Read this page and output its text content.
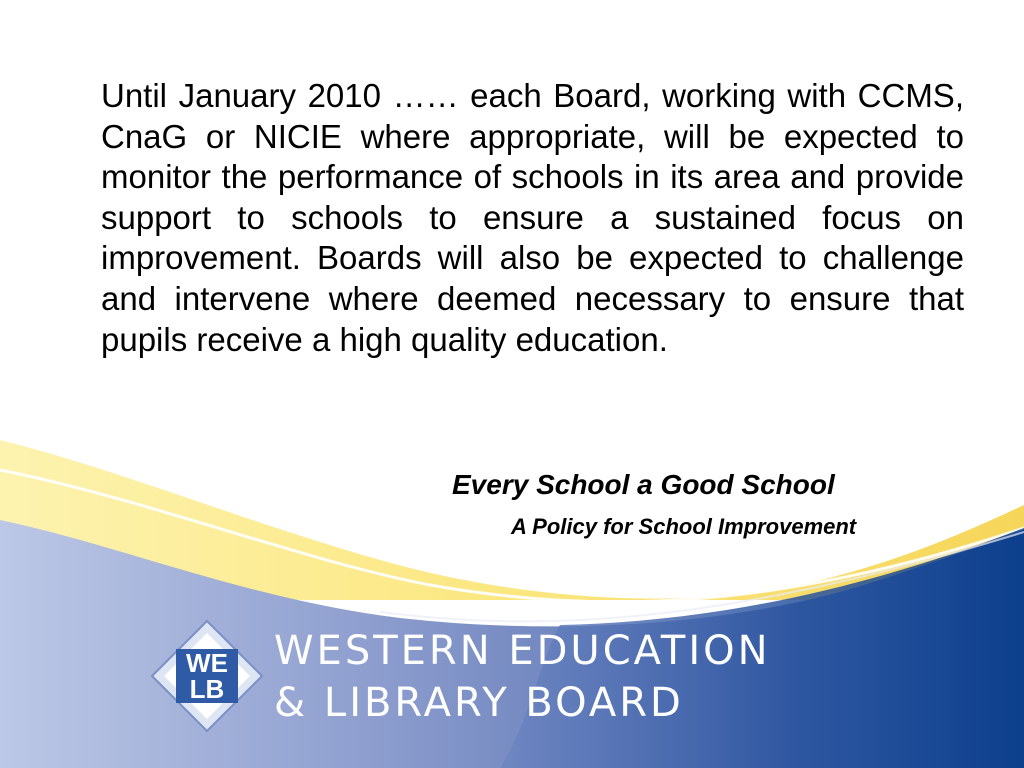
Until January 2010 …… each Board, working with CCMS, CnaG or NICIE where appropriate, will be expected to monitor the performance of schools in its area and provide support to schools to ensure a sustained focus on improvement. Boards will also be expected to challenge and intervene where deemed necessary to ensure that pupils receive a high quality education.

Every School a Good School
A Policy for School Improvement
WE
LB
WESTERN EDUCATION
& LIBRARY BOARD
